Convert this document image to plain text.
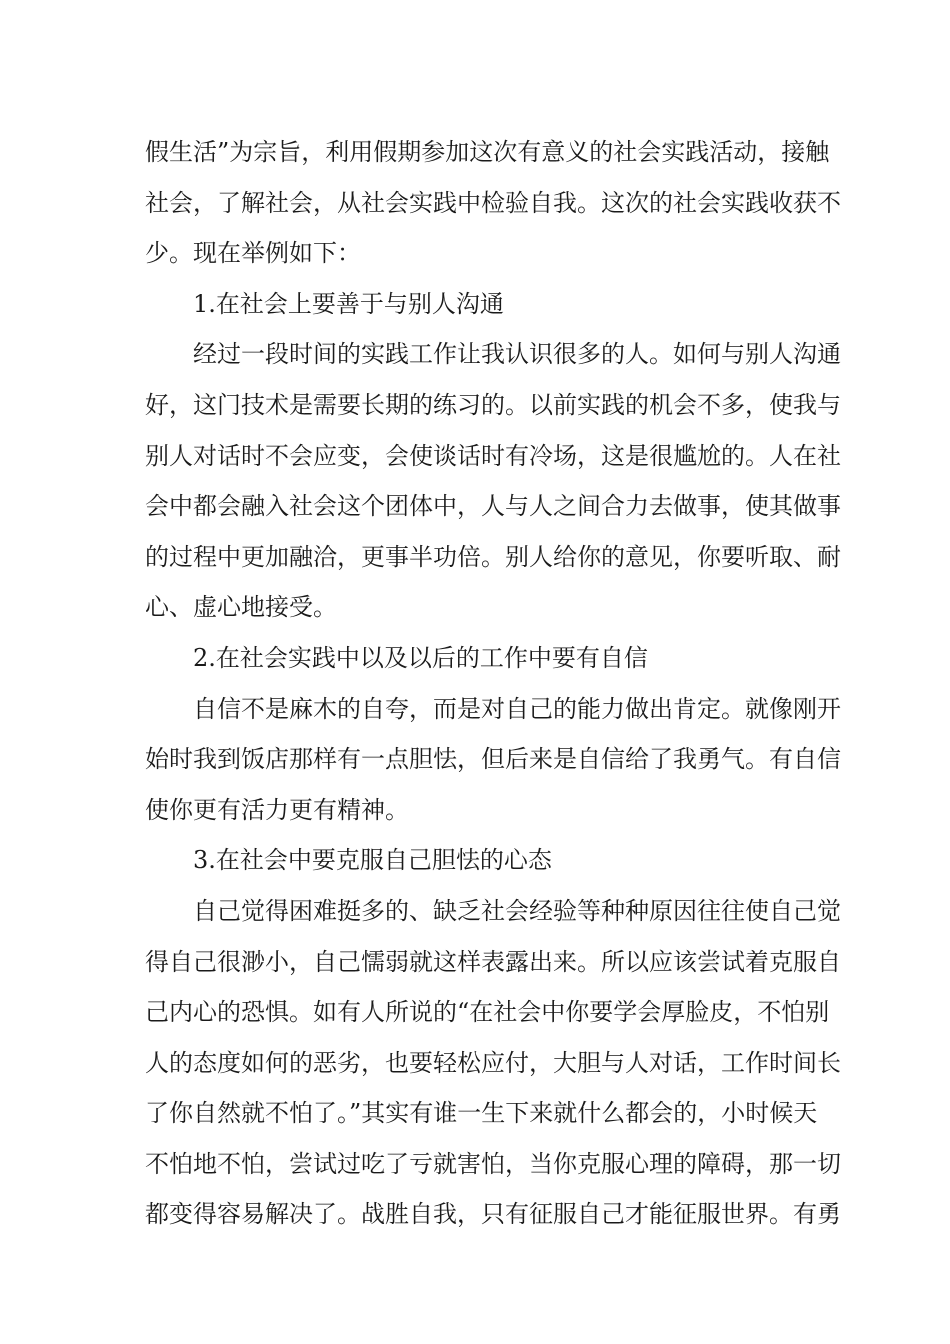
假生活”为宗旨，利用假期参加这次有意义的社会实践活动，接触
社会，了解社会，从社会实践中检验自我。这次的社会实践收获不
少。现在举例如下：
1.在社会上要善于与别人沟通
经过一段时间的实践工作让我认识很多的人。如何与别人沟通
好，这门技术是需要长期的练习的。以前实践的机会不多，使我与
别人对话时不会应变，会使谈话时有冷场，这是很尴尬的。人在社
会中都会融入社会这个团体中，人与人之间合力去做事，使其做事
的过程中更加融洽，更事半功倍。别人给你的意见，你要听取、耐
心、虚心地接受。
2.在社会实践中以及以后的工作中要有自信
自信不是麻木的自夸，而是对自己的能力做出肯定。就像刚开
始时我到饭店那样有一点胆怯，但后来是自信给了我勇气。有自信
使你更有活力更有精神。
3.在社会中要克服自己胆怯的心态
自己觉得困难挺多的、缺乏社会经验等种种原因往往使自己觉
得自己很渺小，自己懦弱就这样表露出来。所以应该尝试着克服自
己内心的恐惧。如有人所说的“在社会中你要学会厚脸皮，不怕别
人的态度如何的恶劣，也要轻松应付，大胆与人对话，工作时间长
了你自然就不怕了。”其实有谁一生下来就什么都会的，小时候天
不怕地不怕，尝试过吃了亏就害怕，当你克服心理的障碍，那一切
都变得容易解决了。战胜自我，只有征服自己才能征服世界。有勇
